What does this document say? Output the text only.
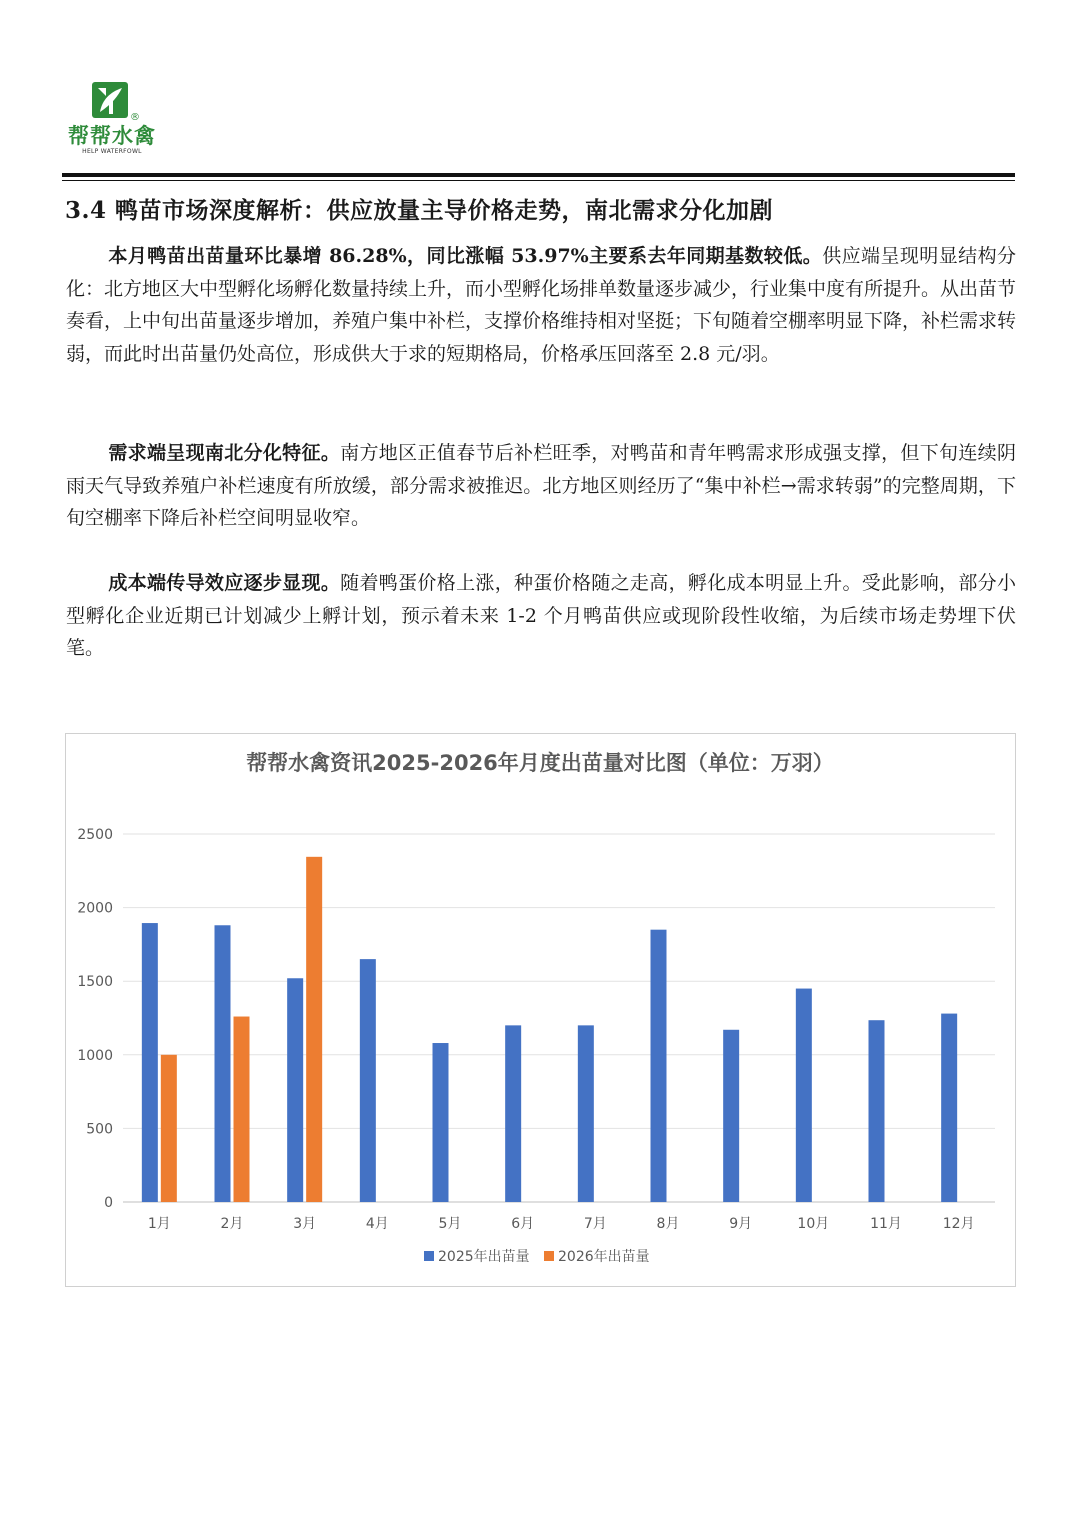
®
帮帮水禽
HELP WATERFOWL
3.4 鸭苗市场深度解析：供应放量主导价格走势，南北需求分化加剧
本月鸭苗出苗量环比暴增 86.28%，同比涨幅 53.97%主要系去年同期基数较低。供应端呈现明显结构分化：北方地区大中型孵化场孵化数量持续上升，而小型孵化场排单数量逐步减少，行业集中度有所提升。从出苗节奏看，上中旬出苗量逐步增加，养殖户集中补栏，支撑价格维持相对坚挺；下旬随着空棚率明显下降，补栏需求转弱，而此时出苗量仍处高位，形成供大于求的短期格局，价格承压回落至 2.8 元/羽。
需求端呈现南北分化特征。南方地区正值春节后补栏旺季，对鸭苗和青年鸭需求形成强支撑，但下旬连续阴雨天气导致养殖户补栏速度有所放缓，部分需求被推迟。北方地区则经历了“集中补栏→需求转弱”的完整周期，下旬空棚率下降后补栏空间明显收窄。
成本端传导效应逐步显现。随着鸭蛋价格上涨，种蛋价格随之走高，孵化成本明显上升。受此影响，部分小型孵化企业近期已计划减少上孵计划，预示着未来 1-2 个月鸭苗供应或现阶段性收缩，为后续市场走势埋下伏笔。
帮帮水禽资讯2025-2026年月度出苗量对比图（单位：万羽）
0
500
1000
1500
2000
2500
1月	2月	3月	4月	5月	6月	7月	8月	9月	10月	11月	12月
2025年出苗量 2026年出苗量
